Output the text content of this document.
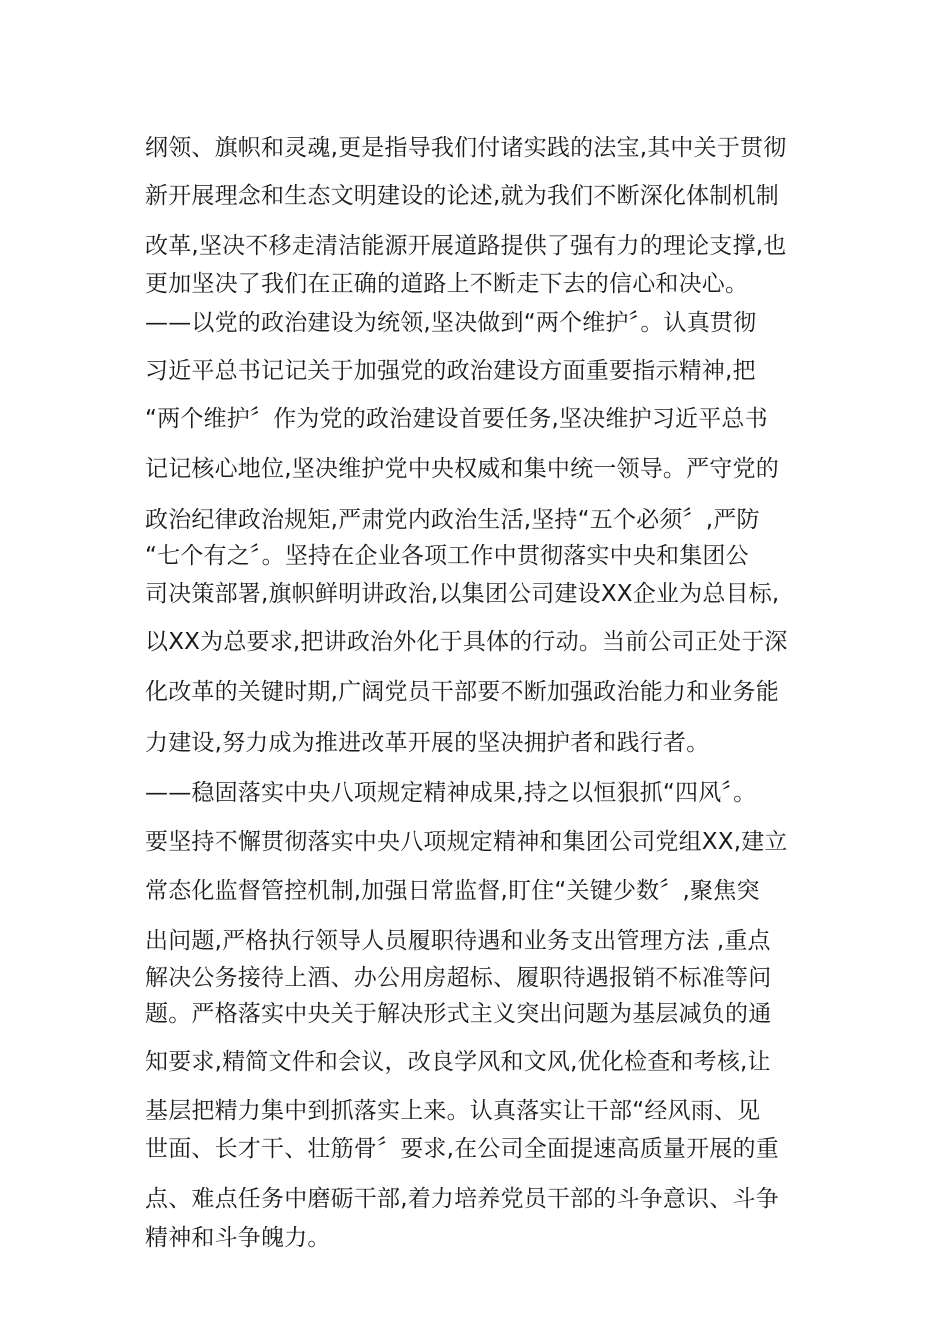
纲领、旗帜和灵魂,更是指导我们付诸实践的法宝,其中关于贯彻
新开展理念和生态文明建设的论述,就为我们不断深化体制机制
改革,坚决不移走清洁能源开展道路提供了强有力的理论支撑,也
更加坚决了我们在正确的道路上不断走下去的信心和决心。
——以党的政治建设为统领,坚决做到“两个维护〞。认真贯彻
习近平总书记记关于加强党的政治建设方面重要指示精神,把
“两个维护〞作为党的政治建设首要任务,坚决维护习近平总书
记记核心地位,坚决维护党中央权威和集中统一领导。严守党的
政治纪律政治规矩,严肃党内政治生活,坚持“五个必须〞,严防
“七个有之〞。坚持在企业各项工作中贯彻落实中央和集团公
司决策部署,旗帜鲜明讲政治,以集团公司建设XX企业为总目标,
以XX为总要求,把讲政治外化于具体的行动。当前公司正处于深
化改革的关键时期,广阔党员干部要不断加强政治能力和业务能
力建设,努力成为推进改革开展的坚决拥护者和践行者。
——稳固落实中央八项规定精神成果,持之以恒狠抓“四风〞。
要坚持不懈贯彻落实中央八项规定精神和集团公司党组XX,建立
常态化监督管控机制,加强日常监督,盯住“关键少数〞,聚焦突
出问题,严格执行领导人员履职待遇和业务支出管理方法 ,重点
解决公务接待上酒、办公用房超标、履职待遇报销不标准等问
题。严格落实中央关于解决形式主义突出问题为基层减负的通
知要求,精简文件和会议，改良学风和文风,优化检查和考核,让
基层把精力集中到抓落实上来。认真落实让干部“经风雨、见
世面、长才干、壮筋骨〞要求,在公司全面提速高质量开展的重
点、难点任务中磨砺干部,着力培养党员干部的斗争意识、斗争
精神和斗争魄力。
